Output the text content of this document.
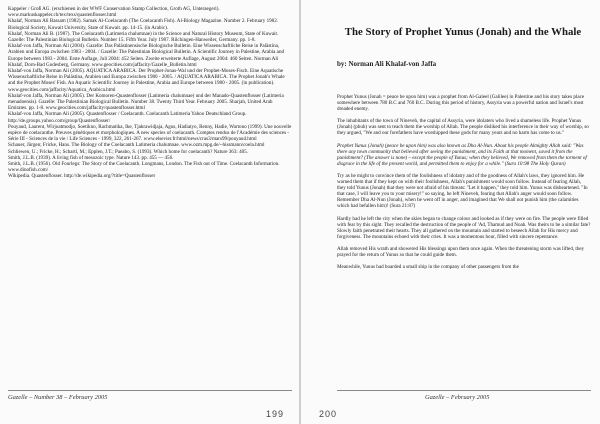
Kappeler / Groß AG. (erschienen in der WWF Conservation Stamp Collection, Groth AG, Unteraegeri). www.markuskappeler.ch/tex/texs/quastenflosser.html

Khalaf, Norman Ali Bassam (1982). Samak Al-Coelacanth (The Coelacanth Fish). Al-Biology Magazine. Number 2. February 1982. Biological Society, Kuwait University, State of Kuwait. pp. 14-15. (in Arabic).

Khalaf, Norman Ali B. (1987). The Coelacanth (Latimeria chalumnae) in the Science and Natural History Museum, State of Kuwait. Gazelle: The Palestinian Biological Bulletin. Number 15. Fifth Year. July 1987. Rilchingen-Hanweiler, Germany. pp. 1-8.

Khalaf-von Jaffa, Norman Ali (2004). Gazelle: Das Palästinensische Biologische Bulletin. Eine Wissenschaftliche Reise in Palästina, Arabien und Europa zwischen 1983 - 2004. / Gazelle: The Palestinian Biological Bulletin. A Scientific Journey in Palestine, Arabia and Europe between 1983 - 2004. Erste Auflage, Juli 2004: 452 Seiten. Zweite erweiterte Auflage, August 2004: 460 Seiten. Norman Ali Khalaf, Dorn-Bad Godesberg, Germany. www.geocities.com/jaffacity/Gazelle_Bulletin.html

Khalaf-von Jaffa, Norman Ali (2005). AQUATICA ARABICA. Der Prophet-Jonas-Wal und der Prophet-Moses-Fisch. Eine Aquatische Wissenschaftliche Reise in Palästina, Arabien und Europa zwischen 1980 - 2005. / AQUATICA ARABICA. The Prophet Jonah's Whale and the Prophet Moses' Fish. An Aquatic Scientific Journey in Palestine, Arabia and Europe between 1980 - 2005. (in publication). www.geocities.com/jaffacity/Aquatica_Arabica.html

Khalaf-von Jaffa, Norman Ali (2005). Der Komoren-Quastenflosser (Latimeria chalumnae) und der Manado-Quastenflosser (Latimeria menadoensis). Gazelle: The Palestinian Biological Bulletin. Number 38. Twenty Third Year. February 2005. Sharjah, United Arab Emirates. pp. 1-8. www.geocities.com/jaffacity/quastenflosser.html

Khalaf-von Jaffa, Norman Ali (2005). Quastenflosser / Coelacanth. Coelacanth Latimeria Yahoo Deutschland Group. http://de.groups.yahoo.com/group/Quastenflosser/

Pouyaud, Laurent, Wirjoatmodjo, Soetikno, Rachmatika, Ike, Tjakrawidjaja, Agus, Hadiatyo, Renny, Hadie, Wartono (1999). Une nouvelle espèce de coelacanthe. Preuves génétiques et morphologiques. A new species of coelacanth. Comptes rendus de l'Académie des sciences - Série III - Sciences de la vie / Life Sciences - 1999, 322, 261-267. www.elsevier.fr/html/news/cras3/mars99/pouyaud.html

Schauer, Jürgen; Fricke, Hans. The Biology of the Coelacanth Latimeria chalumnae. www.ozm.mpg.de/~hissmann/coela.html

Schliewen, U.; Fricke, H.; Schartl, M.; Epplen, J.T.; Paeabo, S. (1993). Which home for coelacanth? Nature 363: 405.

Smith, J.L.B. (1939). A living fish of mesozoic type. Nature 143. pp. 455 — 456.

Smith, J.L.B. (1956). Old Fourlegs: The Story of the Coelacanth. Longmans, London. The Fish out of Time. Coelacanth Information. www.dinofish.com/

Wikipedia. Quastenflosser. http://de.wikipedia.org/?title=Quastenflosser

Gazelle – Number 38 – February 2005
199
The Story of Prophet Yunus (Jonah) and the Whale

by: Norman Ali Khalaf-von Jaffa

Prophet Yunus (Jonah = peace be upon him) was a prophet from Al-Galeel (Galilee) in Palestine and his story takes place somewhere between 780 B.C and 760 B.C. During this period of history, Assyria was a powerful nation and Israel's most dreaded enemy.

The inhabitants of the town of Nineveh, the capital of Assyria, were idolaters who lived a shameless life. Prophet Yunus (Jonah) (pbuh) was sent to teach them the worship of Allah. The people disliked his interference in their way of worship, so they argued, "We and our forefathers have worshipped these gods for many years and no harm has come to us."

Prophet Yunus (Jonah) (peace be upon him) was also known as Dha Al-Nun. About his people Almighty Allah said: "Was there any town community that believed after seeing the punishment, and its Faith at that moment, saved it from the punishment? (The answer is none) – except the people of Yunus; when they believed, We removed from them the torment of disgrace in the life of the present world, and permitted them to enjoy for a while." (Sura 10:98 The Holy Quran)

Try as he might to convince them of the foolishness of idolatry and of the goodness of Allah's laws, they ignored him. He warned them that if they kept on with their foolishness, Allah's punishment would soon follow. Instead of fearing Allah, they told Yunus (Jonah) that they were not afraid of his threats: "Let it happen," they told him. Yunus was disheartened. "In that case, I will leave you to your misery!" so saying, he left Nineveh, fearing that Allah's anger would soon follow. Remember Dha Al-Nun (Jonah), when he went off in anger, and imagined that We shall not punish him (the calamities which had befallen him)! (Sura 21:87)

Hardly had he left the city when the skies began to change colour and looked as if they were on fire. The people were filled with fear by this sight. They recalled the destruction of the people of 'Ad, Thamud and Noah. Was theirs to be a similar fate? Slowly faith penetrated their hearts. They all gathered on the mountain and started to beseech Allah for His mercy and forgiveness. The mountains echoed with their cries. It was a momentous hour, filled with sincere repentance.

Allah removed His wrath and showered His blessings upon them once again. When the threatening storm was lifted, they prayed for the return of Yunus so that he could guide them.

Meanwhile, Yunus had boarded a small ship in the company of other passengers from the

Gazelle – February 2005
200
